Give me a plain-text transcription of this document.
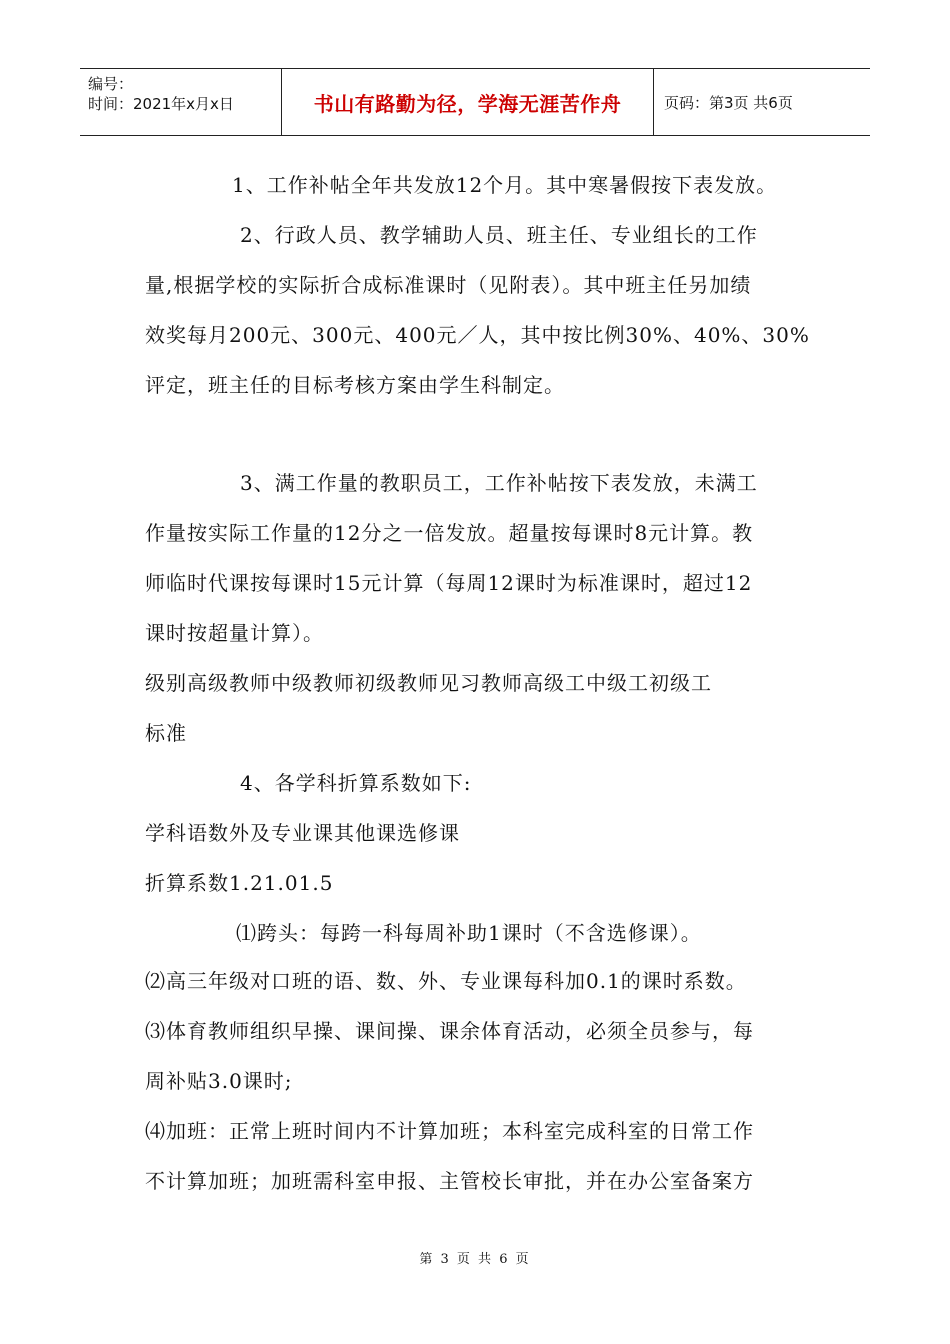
编号：
时间：2021年x月x日	书山有路勤为径，学海无涯苦作舟	页码：第3页 共6页
1、工作补帖全年共发放12个月。其中寒暑假按下表发放。
2、行政人员、教学辅助人员、班主任、专业组长的工作
量,根据学校的实际折合成标准课时（见附表）。其中班主任另加绩
效奖每月200元、300元、400元／人，其中按比例30%、40%、30%
评定，班主任的目标考核方案由学生科制定。
3、满工作量的教职员工，工作补帖按下表发放，未满工
作量按实际工作量的12分之一倍发放。超量按每课时8元计算。教
师临时代课按每课时15元计算（每周12课时为标准课时，超过12
课时按超量计算）。
级别高级教师中级教师初级教师见习教师高级工中级工初级工
标准
4、各学科折算系数如下:
学科语数外及专业课其他课选修课
折算系数1.21.01.5
⑴跨头：每跨一科每周补助1课时（不含选修课）。
⑵高三年级对口班的语、数、外、专业课每科加0.1的课时系数。
⑶体育教师组织早操、课间操、课余体育活动，必须全员参与，每
周补贴3.0课时;
⑷加班：正常上班时间内不计算加班；本科室完成科室的日常工作
不计算加班；加班需科室申报、主管校长审批，并在办公室备案方
第 3 页 共 6 页
